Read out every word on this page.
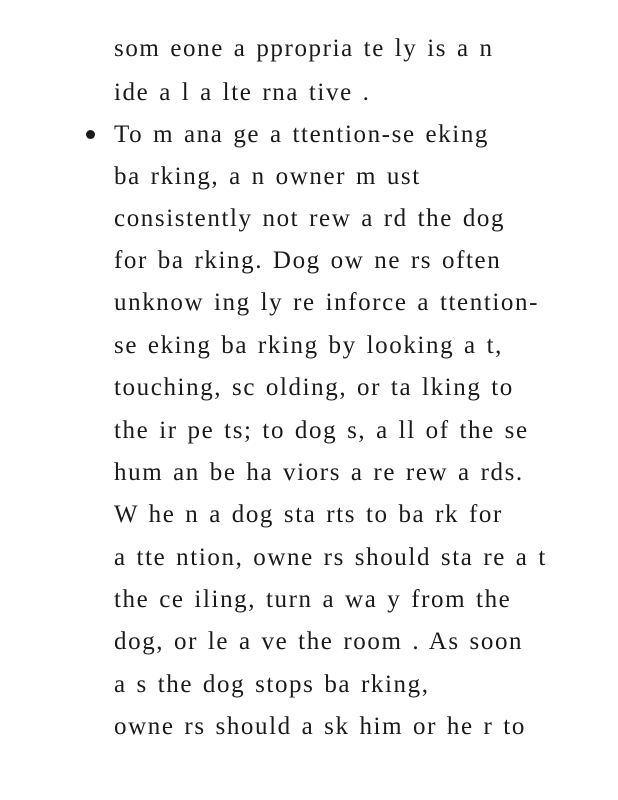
som eone a ppropria te ly is a n
ide a l a lte rna tive .
To m ana ge a ttention-se eking
ba rking, a n owner m ust
consistently not rew a rd the dog
for ba rking. Dog ow ne rs often
unknow ing ly re inforce a ttention-
se eking ba rking by looking a t,
touching, sc olding, or ta lking to
the ir pe ts; to dog s, a ll of the se
hum an be ha viors a re rew a rds.
W he n a dog sta rts to ba rk for
a tte ntion, owne rs should sta re a t
the ce iling, turn a wa y from the
dog, or le a ve the room . As soon
a s the dog stops ba rking,
owne rs should a sk him or he r to
